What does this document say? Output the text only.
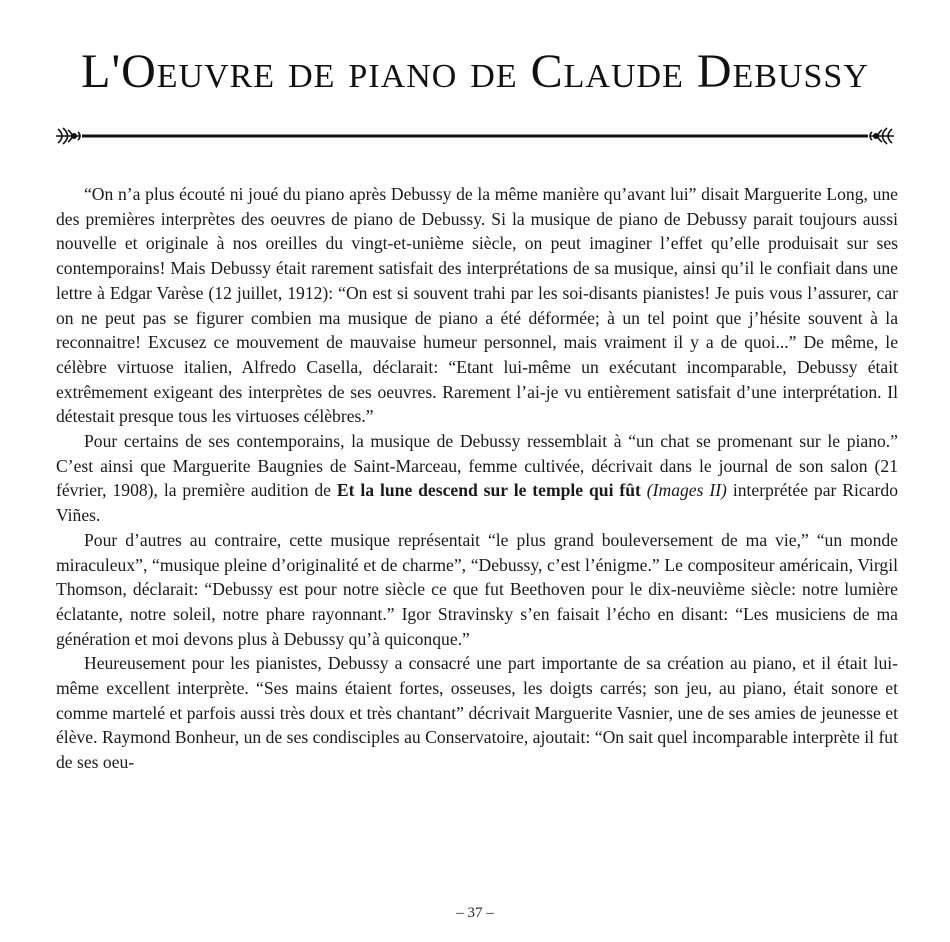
L'Oeuvre de piano de Claude Debussy

“On n’a plus écouté ni joué du piano après Debussy de la même manière qu’avant lui” disait Marguerite Long, une des premières interprètes des oeuvres de piano de Debussy. Si la musique de piano de Debussy parait toujours aussi nouvelle et originale à nos oreilles du vingt-et-unième siècle, on peut imaginer l’effet qu’elle produisait sur ses contemporains! Mais Debussy était rarement satisfait des interprétations de sa musique, ainsi qu’il le confiait dans une lettre à Edgar Varèse (12 juillet, 1912): “On est si souvent trahi par les soi-disants pianistes! Je puis vous l’assurer, car on ne peut pas se figurer combien ma musique de piano a été déformée; à un tel point que j’hésite souvent à la reconnaitre! Excusez ce mouvement de mauvaise humeur personnel, mais vraiment il y a de quoi...” De même, le célèbre virtuose italien, Alfredo Casella, déclarait: “Etant lui-même un exécutant incomparable, Debussy était extrêmement exigeant des interprètes de ses oeuvres. Rarement l’ai-je vu entièrement satisfait d’une interprétation. Il détestait presque tous les virtuoses célèbres.”

Pour certains de ses contemporains, la musique de Debussy ressemblait à “un chat se promenant sur le piano.” C’est ainsi que Marguerite Baugnies de Saint-Marceau, femme cultivée, décrivait dans le journal de son salon (21 février, 1908), la première audition de Et la lune descend sur le temple qui fût (Images II) interprétée par Ricardo Viñes.

Pour d’autres au contraire, cette musique représentait “le plus grand bouleversement de ma vie,” “un monde miraculeux”, “musique pleine d’originalité et de charme”, “Debussy, c’est l’énigme.” Le compositeur américain, Virgil Thomson, déclarait: “Debussy est pour notre siècle ce que fut Beethoven pour le dix-neuvième siècle: notre lumière éclatante, notre soleil, notre phare rayonnant.” Igor Stravinsky s’en faisait l’écho en disant: “Les musiciens de ma génération et moi devons plus à Debussy qu’à quiconque.”

Heureusement pour les pianistes, Debussy a consacré une part importante de sa création au piano, et il était lui-même excellent interprète. “Ses mains étaient fortes, osseuses, les doigts carrés; son jeu, au piano, était sonore et comme martelé et parfois aussi très doux et très chantant” décrivait Marguerite Vasnier, une de ses amies de jeunesse et élève. Raymond Bonheur, un de ses condisciples au Conservatoire, ajoutait: “On sait quel incomparable interprète il fut de ses oeu-

– 37 –
